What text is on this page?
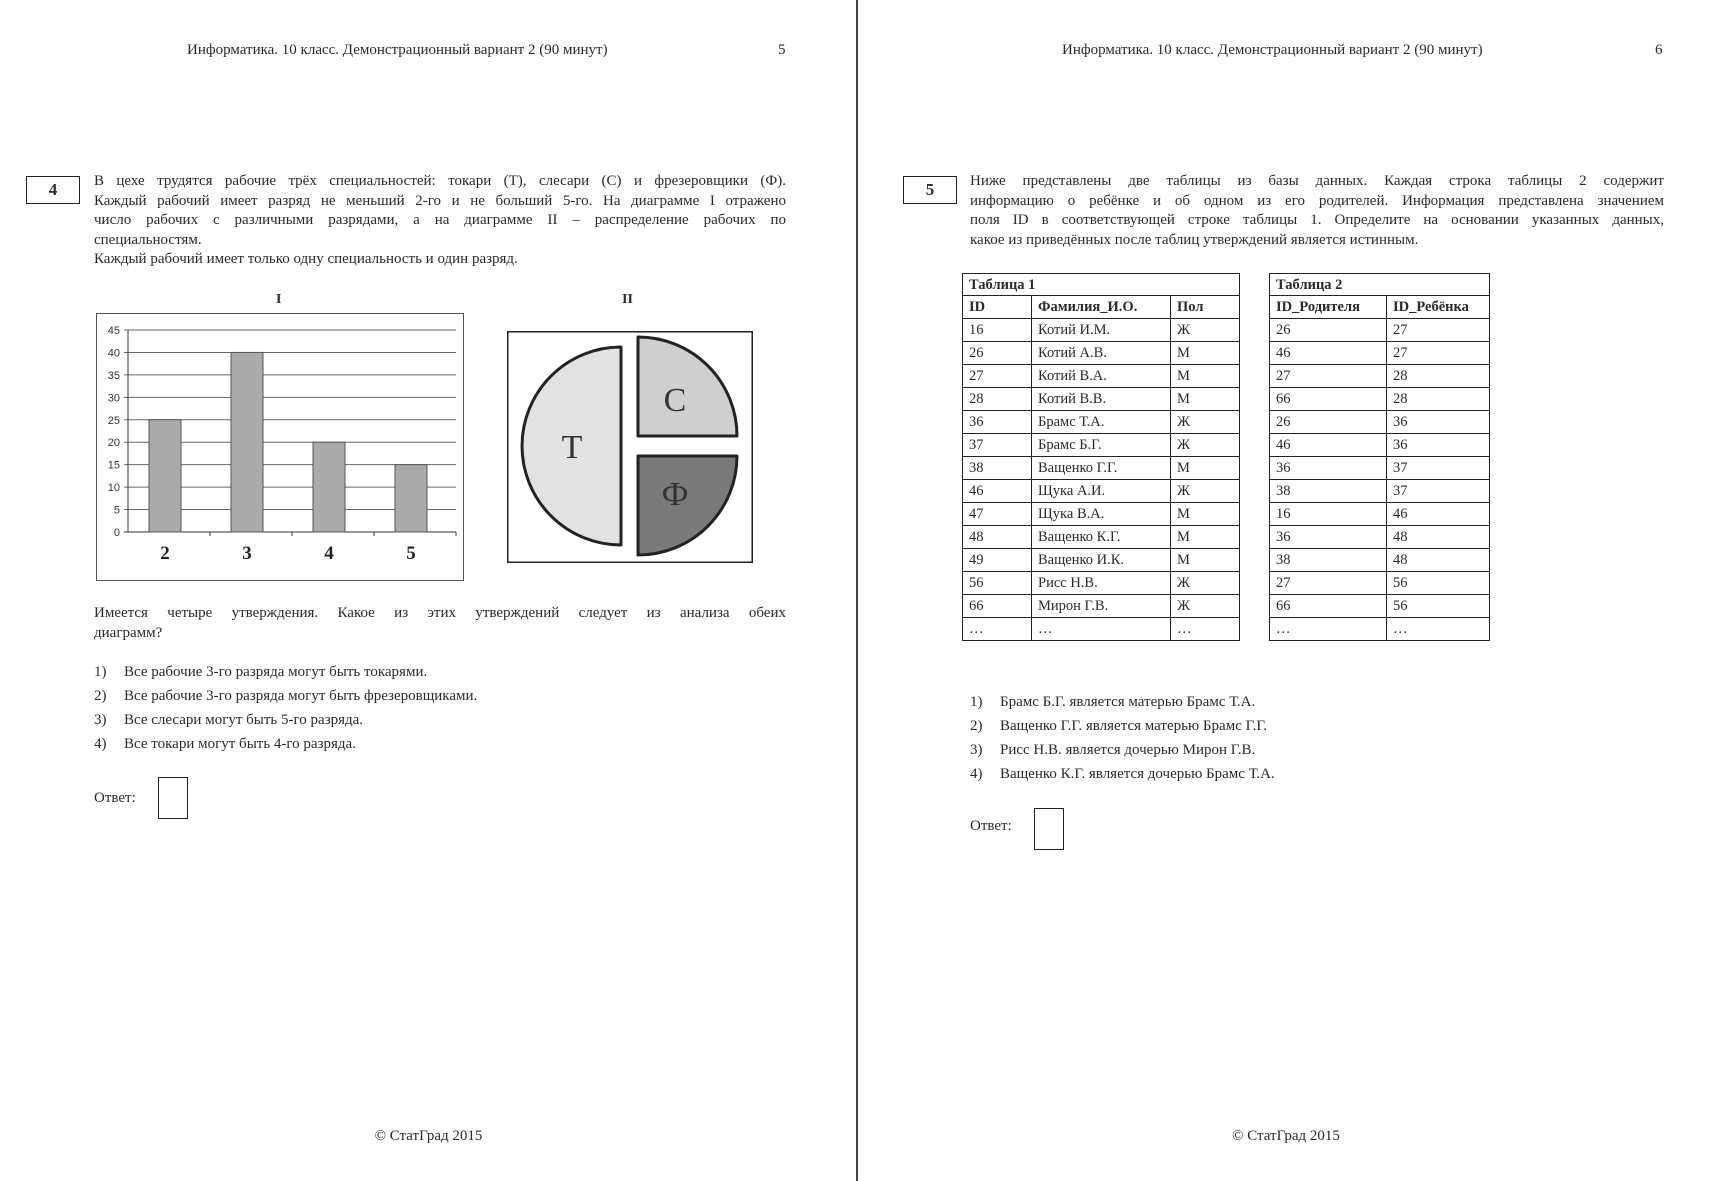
Информатика. 10 класс. Демонстрационный вариант 2 (90 минут)	5
4	В цехе трудятся рабочие трёх специальностей: токари (Т), слесари (С) и фрезеровщики (Ф).
Каждый рабочий имеет разряд не меньший 2-го и не больший 5-го. На диаграмме I отражено
число рабочих с различными разрядами, а на диаграмме II – распределение рабочих по
специальностям.
Каждый рабочий имеет только одну специальность и один разряд.
I	II
0
5
10
15
20
25
30
35
40
45
2	3	4	5
Т
С
Ф
Имеется четыре утверждения. Какое из этих утверждений следует из анализа обеих
диаграмм?
1) Все рабочие 3-го разряда могут быть токарями.
2) Все рабочие 3-го разряда могут быть фрезеровщиками.
3) Все слесари могут быть 5-го разряда.
4) Все токари могут быть 4-го разряда.
Ответ:
© СтатГрад 2015
Информатика. 10 класс. Демонстрационный вариант 2 (90 минут)	6
5	Ниже представлены две таблицы из базы данных. Каждая строка таблицы 2 содержит
информацию о ребёнке и об одном из его родителей. Информация представлена значением
поля ID в соответствующей строке таблицы 1. Определите на основании указанных данных,
какое из приведённых после таблиц утверждений является истинным.
Таблица 1
ID	Фамилия_И.О.	Пол
16	Котий И.М.	Ж
26	Котий А.В.	М
27	Котий В.А.	М
28	Котий В.В.	М
36	Брамс Т.А.	Ж
37	Брамс Б.Г.	Ж
38	Ващенко Г.Г.	М
46	Щука А.И.	Ж
47	Щука В.А.	М
48	Ващенко К.Г.	М
49	Ващенко И.К.	М
56	Рисс Н.В.	Ж
66	Мирон Г.В.	Ж
…	…	…
Таблица 2
ID_Родителя	ID_Ребёнка
26	27
46	27
27	28
66	28
26	36
46	36
36	37
38	37
16	46
36	48
38	48
27	56
66	56
…	…
1) Брамс Б.Г. является матерью Брамс Т.А.
2) Ващенко Г.Г. является матерью Брамс Г.Г.
3) Рисс Н.В. является дочерью Мирон Г.В.
4) Ващенко К.Г. является дочерью Брамс Т.А.
Ответ:
© СтатГрад 2015
